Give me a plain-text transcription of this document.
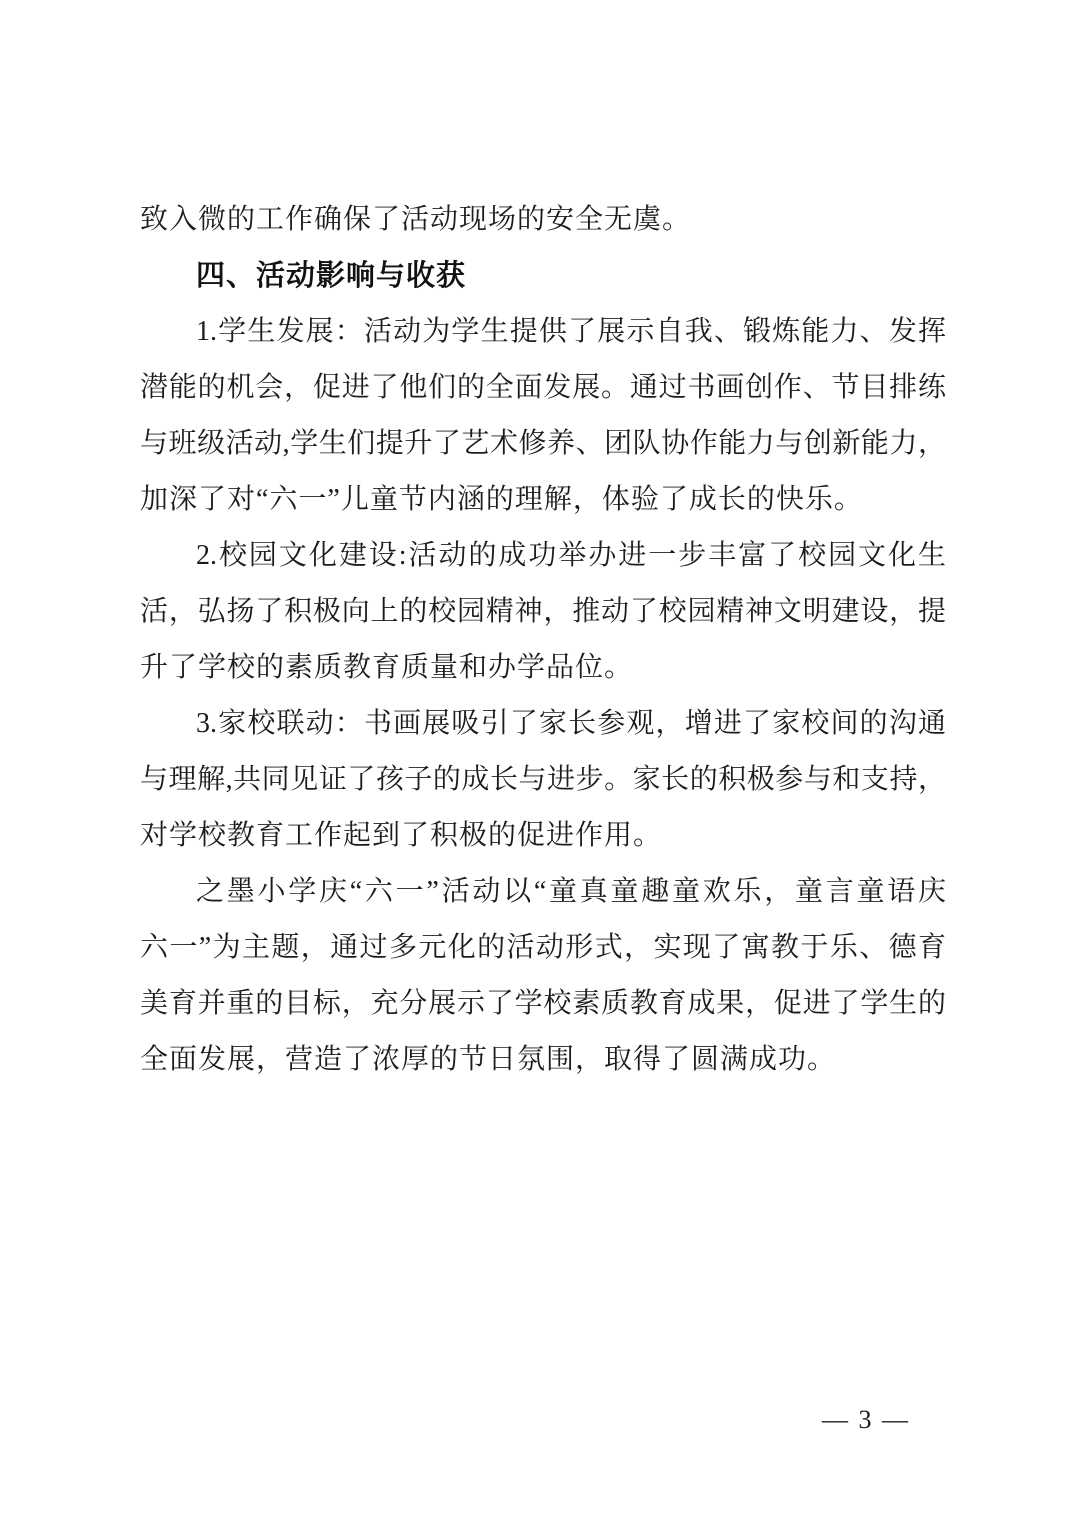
致入微的工作确保了活动现场的安全无虞。
四、活动影响与收获
1.学生发展：活动为学生提供了展示自我、锻炼能力、发挥
潜能的机会，促进了他们的全面发展。通过书画创作、节目排练
与班级活动,学生们提升了艺术修养、团队协作能力与创新能力，
加深了对“六一”儿童节内涵的理解，体验了成长的快乐。
2.校园文化建设:活动的成功举办进一步丰富了校园文化生
活，弘扬了积极向上的校园精神，推动了校园精神文明建设，提
升了学校的素质教育质量和办学品位。
3.家校联动：书画展吸引了家长参观，增进了家校间的沟通
与理解,共同见证了孩子的成长与进步。家长的积极参与和支持，
对学校教育工作起到了积极的促进作用。
之墨小学庆“六一”活动以“童真童趣童欢乐，童言童语庆
六一”为主题，通过多元化的活动形式，实现了寓教于乐、德育
美育并重的目标，充分展示了学校素质教育成果，促进了学生的
全面发展，营造了浓厚的节日氛围，取得了圆满成功。
— 3 —
